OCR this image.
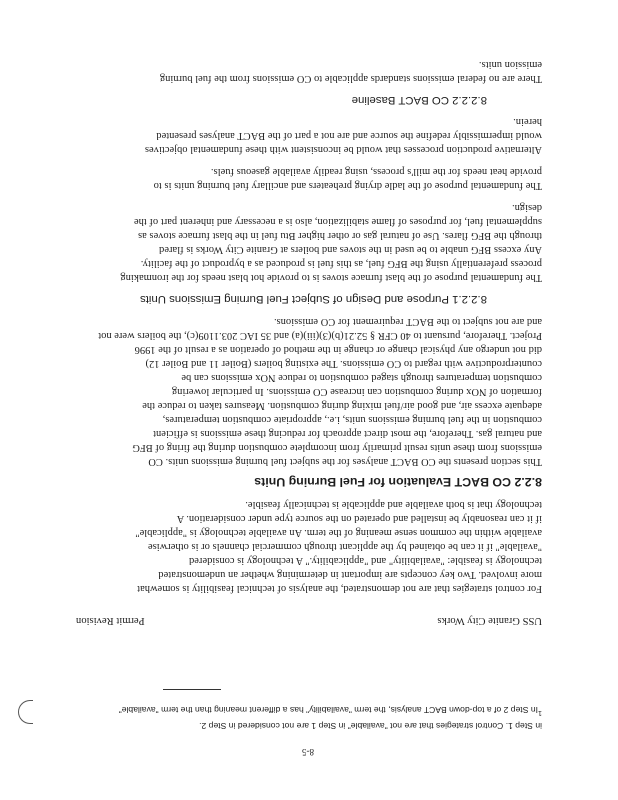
USS Granite City Works
Permit Revision
For control strategies that are not demonstrated, the analysis of technical feasibility is somewhat
more involved. Two key concepts are important in determining whether an undemonstrated
technology is feasible: "availability" and "applicability." A technology is considered
"available" if it can be obtained by the applicant through commercial channels or is otherwise
available within the common sense meaning of the term. An available technology is "applicable"
if it can reasonably be installed and operated on the source type under consideration. A
technology that is both available and applicable is technically feasible.
8.2.2 CO BACT Evaluation for Fuel Burning Units
This section presents the CO BACT analyses for the subject fuel burning emissions units. CO
emissions from these units result primarily from incomplete combustion during the firing of BFG
and natural gas. Therefore, the most direct approach for reducing these emissions is efficient
combustion in the fuel burning emissions units, i.e., appropriate combustion temperatures,
adequate excess air, and good air/fuel mixing during combustion. Measures taken to reduce the
formation of NOx during combustion can increase CO emissions. In particular lowering
combustion temperatures through staged combustion to reduce NOx emissions can be
counterproductive with regard to CO emissions. The existing boilers (Boiler 11 and Boiler 12)
did not undergo any physical change or change in the method of operation as a result of the 1996
Project. Therefore, pursuant to 40 CFR § 52.21(b)(3)(iii)(a) and 35 IAC 203.1109(c), the boilers were not
and are not subject to the BACT requirement for CO emissions.
8.2.2.1 Purpose and Design of Subject Fuel Burning Emissions Units
The fundamental purpose of the blast furnace stoves is to provide hot blast needs for the ironmaking
process preferentially using the BFG fuel, as this fuel is produced as a byproduct of the facility.
Any excess BFG unable to be used in the stoves and boilers at Granite City Works is flared
through the BFG flares. Use of natural gas or other higher Btu fuel in the blast furnace stoves as
supplemental fuel, for purposes of flame stabilization, also is a necessary and inherent part of the
design.
The fundamental purpose of the ladle drying preheaters and ancillary fuel burning units is to
provide heat needs for the mill's process, using readily available gaseous fuels.
Alternative production processes that would be inconsistent with these fundamental objectives
would impermissibly redefine the source and are not a part of the BACT analyses presented
herein.
8.2.2.2 CO BACT Baseline
There are no federal emissions standards applicable to CO emissions from the fuel burning
emission units.
$^1$In Step 2 of a top-down BACT analysis, the term "availability" has a different meaning than the term "available"
in Step 1. Control strategies that are not "available" in Step 1 are not considered in Step 2.
8-5
